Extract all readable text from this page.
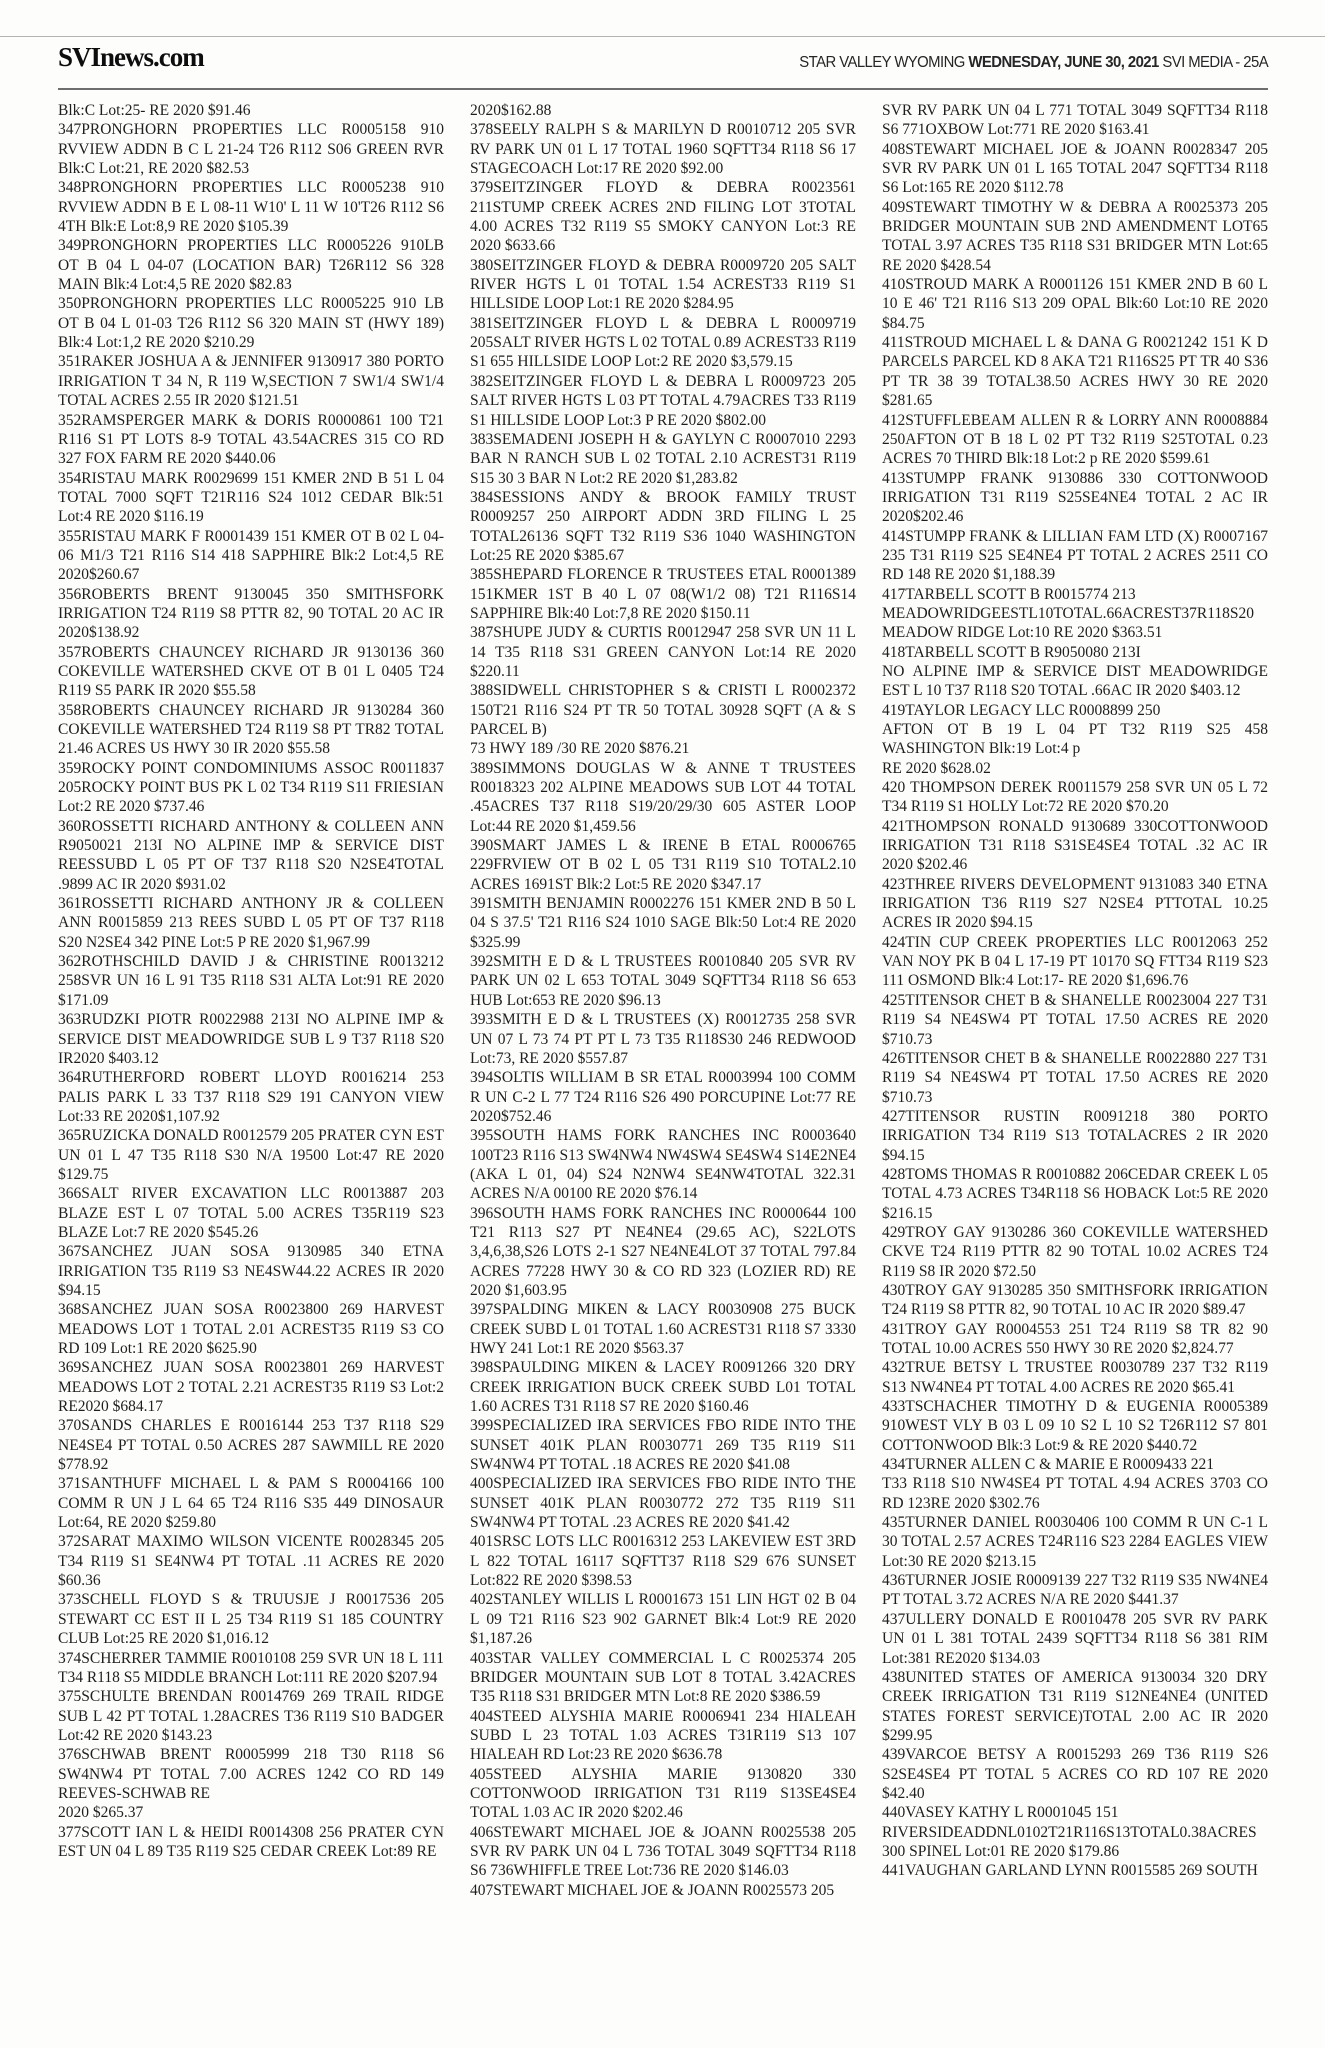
SVInews.com	STAR VALLEY WYOMING WEDNESDAY, JUNE 30, 2021 SVI MEDIA - 25A

Blk:C Lot:25- RE 2020 $91.46

347PRONGHORN PROPERTIES LLC R0005158 910 RVVIEW ADDN B C L 21-24 T26 R112 S06 GREEN RVR Blk:C Lot:21, RE 2020 $82.53

348PRONGHORN PROPERTIES LLC R0005238 910 RVVIEW ADDN B E L 08-11 W10' L 11 W 10'T26 R112 S6 4TH Blk:E Lot:8,9 RE 2020 $105.39

349PRONGHORN PROPERTIES LLC R0005226 910LB OT B 04 L 04-07 (LOCATION BAR) T26R112 S6 328 MAIN Blk:4 Lot:4,5 RE 2020 $82.83

350PRONGHORN PROPERTIES LLC R0005225 910 LB OT B 04 L 01-03 T26 R112 S6 320 MAIN ST (HWY 189) Blk:4 Lot:1,2 RE 2020 $210.29

351RAKER JOSHUA A & JENNIFER 9130917 380 PORTO IRRIGATION T 34 N, R 119 W,SECTION 7 SW1/4 SW1/4 TOTAL ACRES 2.55 IR 2020 $121.51

352RAMSPERGER MARK & DORIS R0000861 100 T21 R116 S1 PT LOTS 8-9 TOTAL 43.54ACRES 315 CO RD 327 FOX FARM RE 2020 $440.06

354RISTAU MARK R0029699 151 KMER 2ND B 51 L 04 TOTAL 7000 SQFT T21R116 S24 1012 CEDAR Blk:51 Lot:4 RE 2020 $116.19

355RISTAU MARK F R0001439 151 KMER OT B 02 L 04-06 M1/3 T21 R116 S14 418 SAPPHIRE Blk:2 Lot:4,5 RE 2020$260.67

356ROBERTS BRENT 9130045 350 SMITHSFORK IRRIGATION T24 R119 S8 PTTR 82, 90 TOTAL 20 AC IR 2020$138.92

357ROBERTS CHAUNCEY RICHARD JR 9130136 360 COKEVILLE WATERSHED CKVE OT B 01 L 0405 T24 R119 S5 PARK IR 2020 $55.58

358ROBERTS CHAUNCEY RICHARD JR 9130284 360 COKEVILLE WATERSHED T24 R119 S8 PT TR82 TOTAL 21.46 ACRES US HWY 30 IR 2020 $55.58

359ROCKY POINT CONDOMINIUMS ASSOC R0011837 205ROCKY POINT BUS PK L 02 T34 R119 S11 FRIESIAN Lot:2 RE 2020 $737.46

360ROSSETTI RICHARD ANTHONY & COLLEEN ANN R9050021 213I NO ALPINE IMP & SERVICE DIST REESSUBD L 05 PT OF T37 R118 S20 N2SE4TOTAL .9899 AC IR 2020 $931.02

361ROSSETTI RICHARD ANTHONY JR & COLLEEN ANN R0015859 213 REES SUBD L 05 PT OF T37 R118 S20 N2SE4 342 PINE Lot:5 P RE 2020 $1,967.99

362ROTHSCHILD DAVID J & CHRISTINE R0013212 258SVR UN 16 L 91 T35 R118 S31 ALTA Lot:91 RE 2020 $171.09

363RUDZKI PIOTR R0022988 213I NO ALPINE IMP & SERVICE DIST MEADOWRIDGE SUB L 9 T37 R118 S20 IR2020 $403.12

364RUTHERFORD ROBERT LLOYD R0016214 253 PALIS PARK L 33 T37 R118 S29 191 CANYON VIEW Lot:33 RE 2020$1,107.92

365RUZICKA DONALD R0012579 205 PRATER CYN EST UN 01 L 47 T35 R118 S30 N/A 19500 Lot:47 RE 2020 $129.75

366SALT RIVER EXCAVATION LLC R0013887 203 BLAZE EST L 07 TOTAL 5.00 ACRES T35R119 S23 BLAZE Lot:7 RE 2020 $545.26

367SANCHEZ JUAN SOSA 9130985 340 ETNA IRRIGATION T35 R119 S3 NE4SW44.22 ACRES IR 2020 $94.15

368SANCHEZ JUAN SOSA R0023800 269 HARVEST MEADOWS LOT 1 TOTAL 2.01 ACREST35 R119 S3 CO RD 109 Lot:1 RE 2020 $625.90

369SANCHEZ JUAN SOSA R0023801 269 HARVEST MEADOWS LOT 2 TOTAL 2.21 ACREST35 R119 S3 Lot:2 RE2020 $684.17

370SANDS CHARLES E R0016144 253 T37 R118 S29 NE4SE4 PT TOTAL 0.50 ACRES 287 SAWMILL RE 2020 $778.92

371SANTHUFF MICHAEL L & PAM S R0004166 100 COMM R UN J L 64 65 T24 R116 S35 449 DINOSAUR Lot:64, RE 2020 $259.80

372SARAT MAXIMO WILSON VICENTE R0028345 205 T34 R119 S1 SE4NW4 PT TOTAL .11 ACRES RE 2020 $60.36

373SCHELL FLOYD S & TRUUSJE J R0017536 205 STEWART CC EST II L 25 T34 R119 S1 185 COUNTRY CLUB Lot:25 RE 2020 $1,016.12

374SCHERRER TAMMIE R0010108 259 SVR UN 18 L 111 T34 R118 S5 MIDDLE BRANCH Lot:111 RE 2020 $207.94

375SCHULTE BRENDAN R0014769 269 TRAIL RIDGE SUB L 42 PT TOTAL 1.28ACRES T36 R119 S10 BADGER Lot:42 RE 2020 $143.23

376SCHWAB BRENT R0005999 218 T30 R118 S6 SW4NW4 PT TOTAL 7.00 ACRES 1242 CO RD 149 REEVES-SCHWAB RE

2020 $265.37

377SCOTT IAN L & HEIDI R0014308 256 PRATER CYN EST UN 04 L 89 T35 R119 S25 CEDAR CREEK Lot:89 RE

2020$162.88

378SEELY RALPH S & MARILYN D R0010712 205 SVR RV PARK UN 01 L 17 TOTAL 1960 SQFTT34 R118 S6 17 STAGECOACH Lot:17 RE 2020 $92.00

379SEITZINGER FLOYD & DEBRA R0023561 211STUMP CREEK ACRES 2ND FILING LOT 3TOTAL 4.00 ACRES T32 R119 S5 SMOKY CANYON Lot:3 RE 2020 $633.66

380SEITZINGER FLOYD & DEBRA R0009720 205 SALT RIVER HGTS L 01 TOTAL 1.54 ACREST33 R119 S1 HILLSIDE LOOP Lot:1 RE 2020 $284.95

381SEITZINGER FLOYD L & DEBRA L R0009719 205SALT RIVER HGTS L 02 TOTAL 0.89 ACREST33 R119 S1 655 HILLSIDE LOOP Lot:2 RE 2020 $3,579.15

382SEITZINGER FLOYD L & DEBRA L R0009723 205 SALT RIVER HGTS L 03 PT TOTAL 4.79ACRES T33 R119 S1 HILLSIDE LOOP Lot:3 P RE 2020 $802.00

383SEMADENI JOSEPH H & GAYLYN C R0007010 2293 BAR N RANCH SUB L 02 TOTAL 2.10 ACREST31 R119 S15 30 3 BAR N Lot:2 RE 2020 $1,283.82

384SESSIONS ANDY & BROOK FAMILY TRUST R0009257 250 AIRPORT ADDN 3RD FILING L 25 TOTAL26136 SQFT T32 R119 S36 1040 WASHINGTON Lot:25 RE 2020 $385.67

385SHEPARD FLORENCE R TRUSTEES ETAL R0001389 151KMER 1ST B 40 L 07 08(W1/2 08) T21 R116S14 SAPPHIRE Blk:40 Lot:7,8 RE 2020 $150.11

387SHUPE JUDY & CURTIS R0012947 258 SVR UN 11 L 14 T35 R118 S31 GREEN CANYON Lot:14 RE 2020 $220.11

388SIDWELL CHRISTOPHER S & CRISTI L R0002372 150T21 R116 S24 PT TR 50 TOTAL 30928 SQFT (A & S PARCEL B)

73 HWY 189 /30 RE 2020 $876.21

389SIMMONS DOUGLAS W & ANNE T TRUSTEES R0018323 202 ALPINE MEADOWS SUB LOT 44 TOTAL .45ACRES T37 R118 S19/20/29/30 605 ASTER LOOP Lot:44 RE 2020 $1,459.56

390SMART JAMES L & IRENE B ETAL R0006765 229FRVIEW OT B 02 L 05 T31 R119 S10 TOTAL2.10 ACRES 1691ST Blk:2 Lot:5 RE 2020 $347.17

391SMITH BENJAMIN R0002276 151 KMER 2ND B 50 L 04 S 37.5' T21 R116 S24 1010 SAGE Blk:50 Lot:4 RE 2020 $325.99

392SMITH E D & L TRUSTEES R0010840 205 SVR RV PARK UN 02 L 653 TOTAL 3049 SQFTT34 R118 S6 653 HUB Lot:653 RE 2020 $96.13

393SMITH E D & L TRUSTEES (X) R0012735 258 SVR UN 07 L 73 74 PT PT L 73 T35 R118S30 246 REDWOOD Lot:73, RE 2020 $557.87

394SOLTIS WILLIAM B SR ETAL R0003994 100 COMM R UN C-2 L 77 T24 R116 S26 490 PORCUPINE Lot:77 RE 2020$752.46

395SOUTH HAMS FORK RANCHES INC R0003640 100T23 R116 S13 SW4NW4 NW4SW4 SE4SW4 S14E2NE4 (AKA L 01, 04) S24 N2NW4 SE4NW4TOTAL 322.31 ACRES N/A 00100 RE 2020 $76.14

396SOUTH HAMS FORK RANCHES INC R0000644 100 T21 R113 S27 PT NE4NE4 (29.65 AC), S22LOTS 3,4,6,38,S26 LOTS 2-1 S27 NE4NE4LOT 37 TOTAL 797.84 ACRES 77228 HWY 30 & CO RD 323 (LOZIER RD) RE 2020 $1,603.95

397SPALDING MIKEN & LACY R0030908 275 BUCK CREEK SUBD L 01 TOTAL 1.60 ACREST31 R118 S7 3330 HWY 241 Lot:1 RE 2020 $563.37

398SPAULDING MIKEN & LACEY R0091266 320 DRY CREEK IRRIGATION BUCK CREEK SUBD L01 TOTAL 1.60 ACRES T31 R118 S7 RE 2020 $160.46

399SPECIALIZED IRA SERVICES FBO RIDE INTO THE SUNSET 401K PLAN R0030771 269 T35 R119 S11 SW4NW4 PT TOTAL .18 ACRES RE 2020 $41.08

400SPECIALIZED IRA SERVICES FBO RIDE INTO THE SUNSET 401K PLAN R0030772 272 T35 R119 S11 SW4NW4 PT TOTAL .23 ACRES RE 2020 $41.42

401SRSC LOTS LLC R0016312 253 LAKEVIEW EST 3RD L 822 TOTAL 16117 SQFTT37 R118 S29 676 SUNSET Lot:822 RE 2020 $398.53

402STANLEY WILLIS L R0001673 151 LIN HGT 02 B 04 L 09 T21 R116 S23 902 GARNET Blk:4 Lot:9 RE 2020 $1,187.26

403STAR VALLEY COMMERCIAL L C R0025374 205 BRIDGER MOUNTAIN SUB LOT 8 TOTAL 3.42ACRES T35 R118 S31 BRIDGER MTN Lot:8 RE 2020 $386.59

404STEED ALYSHIA MARIE R0006941 234 HIALEAH SUBD L 23 TOTAL 1.03 ACRES T31R119 S13 107 HIALEAH RD Lot:23 RE 2020 $636.78

405STEED ALYSHIA MARIE 9130820 330 COTTONWOOD IRRIGATION T31 R119 S13SE4SE4 TOTAL 1.03 AC IR 2020 $202.46

406STEWART MICHAEL JOE & JOANN R0025538 205 SVR RV PARK UN 04 L 736 TOTAL 3049 SQFTT34 R118 S6 736WHIFFLE TREE Lot:736 RE 2020 $146.03

407STEWART MICHAEL JOE & JOANN R0025573 205

SVR RV PARK UN 04 L 771 TOTAL 3049 SQFTT34 R118 S6 771OXBOW Lot:771 RE 2020 $163.41

408STEWART MICHAEL JOE & JOANN R0028347 205 SVR RV PARK UN 01 L 165 TOTAL 2047 SQFTT34 R118 S6 Lot:165 RE 2020 $112.78

409STEWART TIMOTHY W & DEBRA A R0025373 205 BRIDGER MOUNTAIN SUB 2ND AMENDMENT LOT65 TOTAL 3.97 ACRES T35 R118 S31 BRIDGER MTN Lot:65 RE 2020 $428.54

410STROUD MARK A R0001126 151 KMER 2ND B 60 L 10 E 46' T21 R116 S13 209 OPAL Blk:60 Lot:10 RE 2020 $84.75

411STROUD MICHAEL L & DANA G R0021242 151 K D PARCELS PARCEL KD 8 AKA T21 R116S25 PT TR 40 S36 PT TR 38 39 TOTAL38.50 ACRES HWY 30 RE 2020 $281.65

412STUFFLEBEAM ALLEN R & LORRY ANN R0008884 250AFTON OT B 18 L 02 PT T32 R119 S25TOTAL 0.23 ACRES 70 THIRD Blk:18 Lot:2 p RE 2020 $599.61

413STUMPP FRANK 9130886 330 COTTONWOOD IRRIGATION T31 R119 S25SE4NE4 TOTAL 2 AC IR 2020$202.46

414STUMPP FRANK & LILLIAN FAM LTD (X) R0007167 235 T31 R119 S25 SE4NE4 PT TOTAL 2 ACRES 2511 CO RD 148 RE 2020 $1,188.39

417TARBELL SCOTT B R0015774 213

MEADOWRIDGEESTL10TOTAL.66ACREST37R118S20 MEADOW RIDGE Lot:10 RE 2020 $363.51

418TARBELL SCOTT B R9050080 213I

NO ALPINE IMP & SERVICE DIST MEADOWRIDGE EST L 10 T37 R118 S20 TOTAL .66AC IR 2020 $403.12

419TAYLOR LEGACY LLC R0008899 250

AFTON OT B 19 L 04 PT T32 R119 S25 458 WASHINGTON Blk:19 Lot:4 p

RE 2020 $628.02

420 THOMPSON DEREK R0011579 258 SVR UN 05 L 72 T34 R119 S1 HOLLY Lot:72 RE 2020 $70.20

421THOMPSON RONALD 9130689 330COTTONWOOD IRRIGATION T31 R118 S31SE4SE4 TOTAL .32 AC IR 2020 $202.46

423THREE RIVERS DEVELOPMENT 9131083 340 ETNA IRRIGATION T36 R119 S27 N2SE4 PTTOTAL 10.25 ACRES IR 2020 $94.15

424TIN CUP CREEK PROPERTIES LLC R0012063 252 VAN NOY PK B 04 L 17-19 PT 10170 SQ FTT34 R119 S23 111 OSMOND Blk:4 Lot:17- RE 2020 $1,696.76

425TITENSOR CHET B & SHANELLE R0023004 227 T31 R119 S4 NE4SW4 PT TOTAL 17.50 ACRES RE 2020 $710.73

426TITENSOR CHET B & SHANELLE R0022880 227 T31 R119 S4 NE4SW4 PT TOTAL 17.50 ACRES RE 2020 $710.73

427TITENSOR RUSTIN R0091218 380 PORTO IRRIGATION T34 R119 S13 TOTALACRES 2 IR 2020 $94.15

428TOMS THOMAS R R0010882 206CEDAR CREEK L 05 TOTAL 4.73 ACRES T34R118 S6 HOBACK Lot:5 RE 2020 $216.15

429TROY GAY 9130286 360 COKEVILLE WATERSHED CKVE T24 R119 PTTR 82 90 TOTAL 10.02 ACRES T24 R119 S8 IR 2020 $72.50

430TROY GAY 9130285 350 SMITHSFORK IRRIGATION T24 R119 S8 PTTR 82, 90 TOTAL 10 AC IR 2020 $89.47

431TROY GAY R0004553 251 T24 R119 S8 TR 82 90 TOTAL 10.00 ACRES 550 HWY 30 RE 2020 $2,824.77

432TRUE BETSY L TRUSTEE R0030789 237 T32 R119 S13 NW4NE4 PT TOTAL 4.00 ACRES RE 2020 $65.41

433TSCHACHER TIMOTHY D & EUGENIA R0005389 910WEST VLY B 03 L 09 10 S2 L 10 S2 T26R112 S7 801 COTTONWOOD Blk:3 Lot:9 & RE 2020 $440.72

434TURNER ALLEN C & MARIE E R0009433 221

T33 R118 S10 NW4SE4 PT TOTAL 4.94 ACRES 3703 CO RD 123RE 2020 $302.76

435TURNER DANIEL R0030406 100 COMM R UN C-1 L 30 TOTAL 2.57 ACRES T24R116 S23 2284 EAGLES VIEW Lot:30 RE 2020 $213.15

436TURNER JOSIE R0009139 227 T32 R119 S35 NW4NE4 PT TOTAL 3.72 ACRES N/A RE 2020 $441.37

437ULLERY DONALD E R0010478 205 SVR RV PARK UN 01 L 381 TOTAL 2439 SQFTT34 R118 S6 381 RIM Lot:381 RE2020 $134.03

438UNITED STATES OF AMERICA 9130034 320 DRY CREEK IRRIGATION T31 R119 S12NE4NE4 (UNITED STATES FOREST SERVICE)TOTAL 2.00 AC IR 2020 $299.95

439VARCOE BETSY A R0015293 269 T36 R119 S26 S2SE4SE4 PT TOTAL 5 ACRES CO RD 107 RE 2020 $42.40

440VASEY KATHY L R0001045 151

RIVERSIDEADDNL0102T21R116S13TOTAL0.38ACRES 300 SPINEL Lot:01 RE 2020 $179.86

441VAUGHAN GARLAND LYNN R0015585 269 SOUTH
